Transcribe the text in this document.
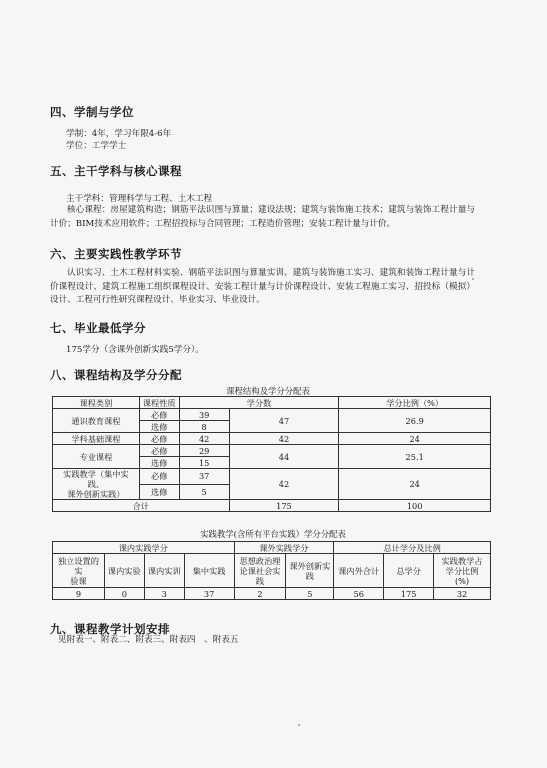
四、学制与学位
学制：4年，学习年限4-6年
学位：工学学士
五、主干学科与核心课程
主干学科：管理科学与工程、土木工程
核心课程：房屋建筑构造；钢筋平法识图与算量；建设法规；建筑与装饰施工技术；建筑与装饰工程计量与计价；BIM技术应用软件；工程招投标与合同管理；工程造价管理；安装工程计量与计价。
六、主要实践性教学环节
认识实习、土木工程材料实验、钢筋平法识图与算量实训、建筑与装饰施工实习、建筑和装饰工程计量与计价课程设计、建筑工程施工组织课程设计、安装工程计量与计价课程设计、安装工程施工实习、招投标（模拟）设计、工程可行性研究课程设计、毕业实习、毕业设计。
七、毕业最低学分
175学分（含课外创新实践5学分）。
八、课程结构及学分分配
课程结构及学分分配表
课程类别	课程性质	学分数		学分比例（%）
通识教育课程	必修	39	47	26.9
	选修	8		
学科基础课程	必修	42	42	24
专业课程	必修	29	44	25.1
	选修	15		
实践教学（集中实践、
课外创新实践）	必修	37	42	24
	选修	5		
合计			175	100
实践教学(含所有平台实践）学分分配表
课内实践学分				课外实践学分		总计学分及比例		
独立设置的实
验课	课内实验	课内实训	集中实践	思想政治理
论课社会实
践	课外创新实
践	课内外合计	总学分	实践教学占
学分比例
(%)
9	0	3	37	2	5	56	175	32
九、课程教学计划安排
见附表一、附表二、附表三、附表四　、附表五
